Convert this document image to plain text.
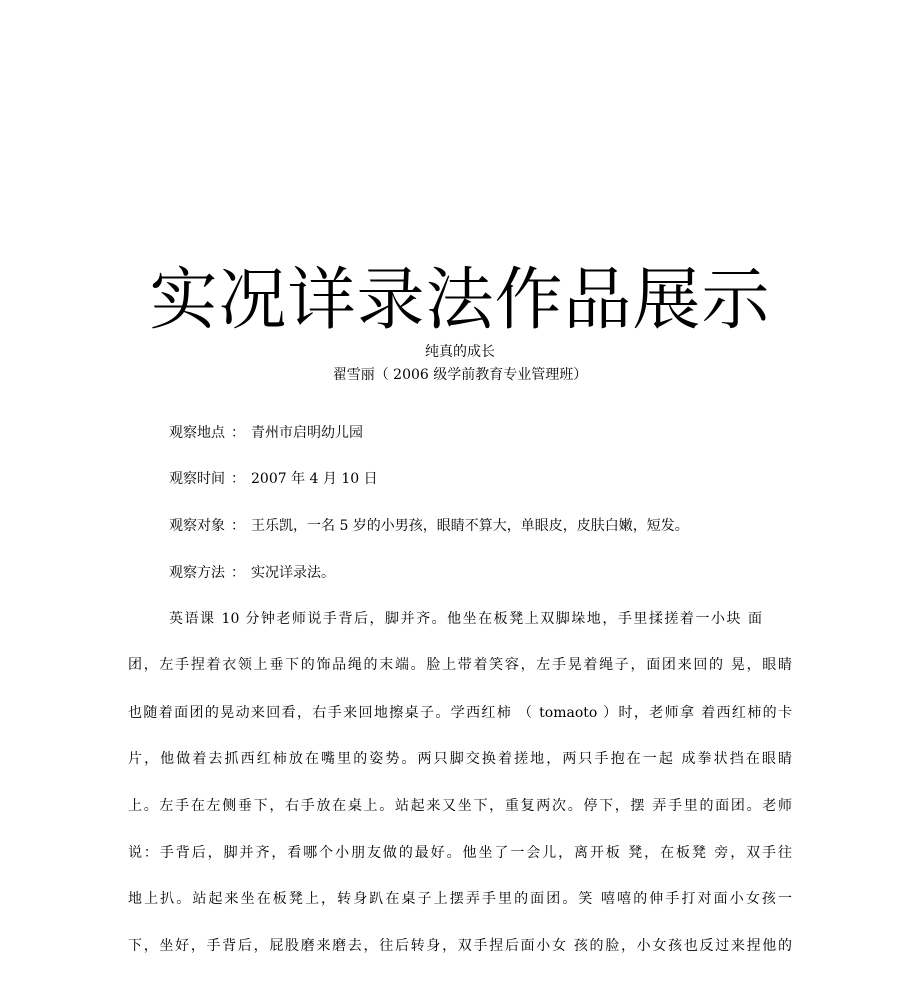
实况详录法作品展示
纯真的成长
翟雪丽（ 2006 级学前教育专业管理班）
观察地点 ： 青州市启明幼儿园
观察时间 ： 2007 年 4 月 10 日
观察对象 ： 王乐凯，一名 5 岁的小男孩，眼睛不算大，单眼皮，皮肤白嫩，短发。
观察方法 ： 实况详录法。
英语课 10 分钟老师说手背后，脚并齐。他坐在板凳上双脚垛地，手里揉搓着一小块 面
团，左手捏着衣领上垂下的饰品绳的末端。脸上带着笑容，左手晃着绳子，面团来回的 晃，眼睛
也随着面团的晃动来回看，右手来回地擦桌子。学西红柿 （ tomaoto ）时，老师拿 着西红柿的卡
片，他做着去抓西红柿放在嘴里的姿势。两只脚交换着搓地，两只手抱在一起 成拳状挡在眼睛
上。左手在左侧垂下，右手放在桌上。站起来又坐下，重复两次。停下，摆 弄手里的面团。老师
说：手背后，脚并齐，看哪个小朋友做的最好。他坐了一会儿，离开板 凳，在板凳 旁，双手往
地上扒。站起来坐在板凳上，转身趴在桌子上摆弄手里的面团。笑 嘻嘻的伸手打对面小女孩一
下，坐好，手背后，屁股磨来磨去，往后转身，双手捏后面小女 孩的脸，小女孩也反过来捏他的
